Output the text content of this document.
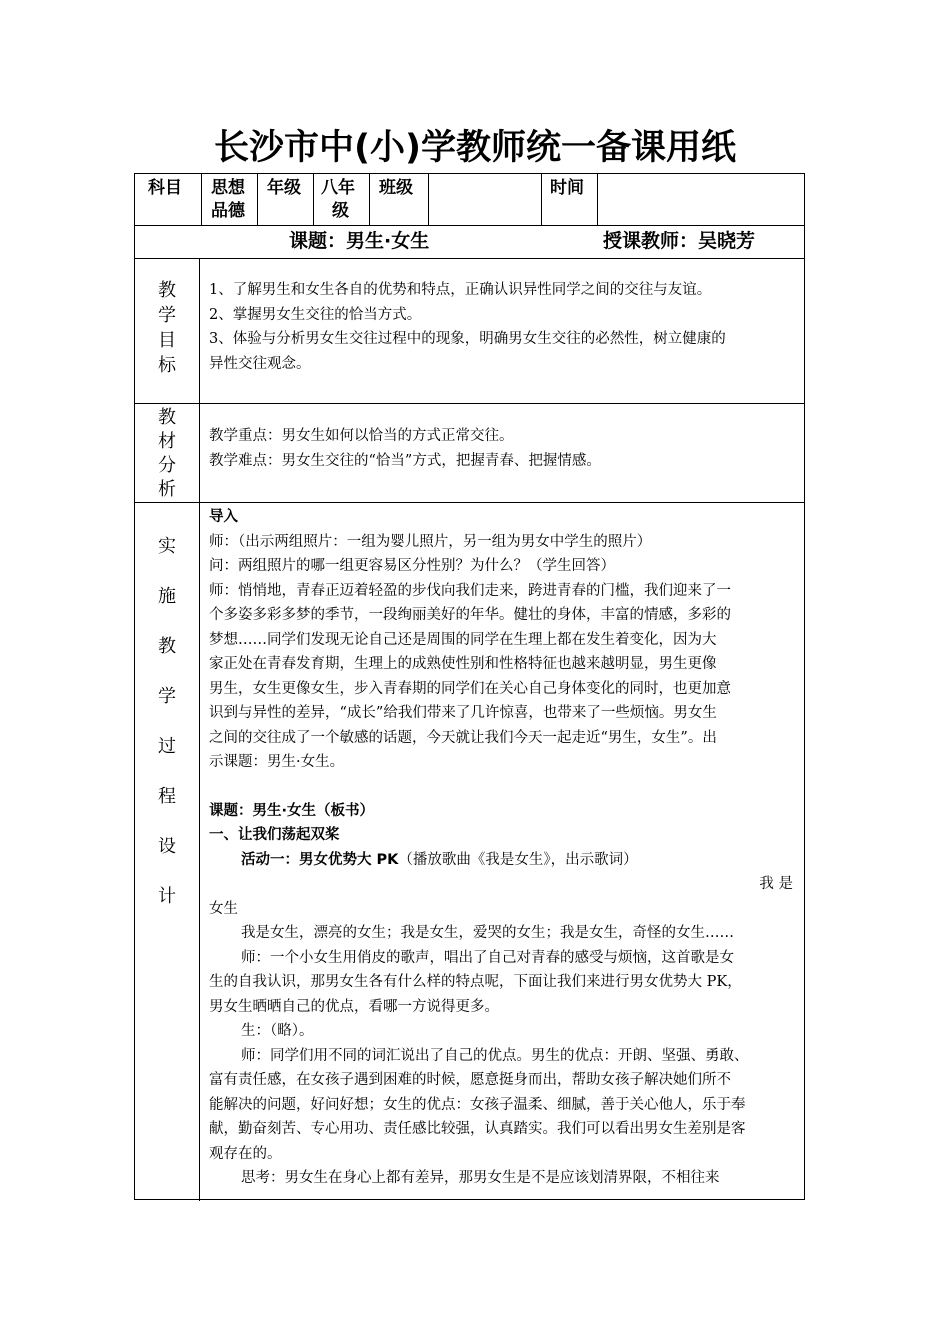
长沙市中(小)学教师统一备课用纸
科目 思想
品德
年级 八年
级
班级	时间
课题：男生·女生	授课教师：吴晓芳
教
学
目
标

1、了解男生和女生各自的优势和特点，正确认识异性同学之间的交往与友谊。

2、掌握男女生交往的恰当方式。

3、体验与分析男女生交往过程中的现象，明确男女生交往的必然性，树立健康的

异性交往观念。

教
材
分
析

教学重点：男女生如何以恰当的方式正常交往。

教学难点：男女生交往的“恰当”方式，把握青春、把握情感。

实
施
教
学
过
程
设
计

导入

师：（出示两组照片：一组为婴儿照片，另一组为男女中学生的照片）

问：两组照片的哪一组更容易区分性别？为什么？（学生回答）

师：悄悄地，青春正迈着轻盈的步伐向我们走来，跨进青春的门槛，我们迎来了一

个多姿多彩多梦的季节，一段绚丽美好的年华。健壮的身体，丰富的情感，多彩的

梦想……同学们发现无论自己还是周围的同学在生理上都在发生着变化，因为大

家正处在青春发育期，生理上的成熟使性别和性格特征也越来越明显，男生更像

男生，女生更像女生，步入青春期的同学们在关心自己身体变化的同时，也更加意

识到与异性的差异，“成长”给我们带来了几许惊喜，也带来了一些烦恼。男女生

之间的交往成了一个敏感的话题，今天就让我们今天一起走近“男生，女生”。出

示课题：男生·女生。

课题：男生·女生（板书）

一、让我们荡起双桨

活动一：男女优势大 PK（播放歌曲《我是女生》，出示歌词）

我 是

女生

我是女生，漂亮的女生；我是女生，爱哭的女生；我是女生，奇怪的女生……

师：一个小女生用俏皮的歌声，唱出了自己对青春的感受与烦恼，这首歌是女

生的自我认识，那男女生各有什么样的特点呢，下面让我们来进行男女优势大 PK，

男女生晒晒自己的优点，看哪一方说得更多。

生：（略）。

师：同学们用不同的词汇说出了自己的优点。男生的优点：开朗、坚强、勇敢、

富有责任感，在女孩子遇到困难的时候，愿意挺身而出，帮助女孩子解决她们所不

能解决的问题，好问好想；女生的优点：女孩子温柔、细腻，善于关心他人，乐于奉

献，勤奋刻苦、专心用功、责任感比较强，认真踏实。我们可以看出男女生差别是客

观存在的。

思考：男女生在身心上都有差异，那男女生是不是应该划清界限，不相往来
